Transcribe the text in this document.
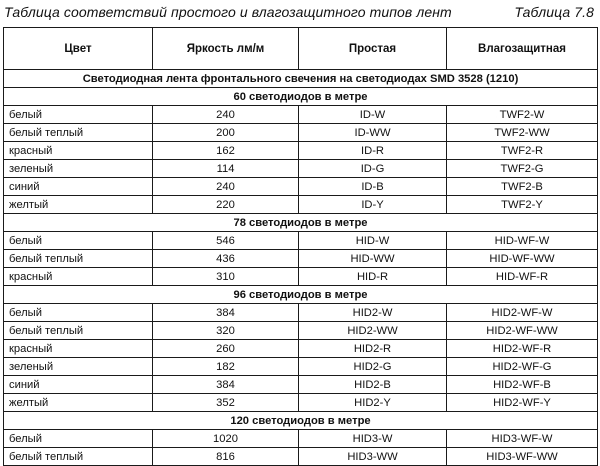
Таблица соответствий простого и влагозащитного типов лент	Таблица 7.8
Цвет	Яркость лм/м	Простая	Влагозащитная
Светодиодная лента фронтального свечения на светодиодах SMD 3528 (1210)			
60 светодиодов в метре			
белый	240	ID-W	TWF2-W
белый теплый	200	ID-WW	TWF2-WW
красный	162	ID-R	TWF2-R
зеленый	114	ID-G	TWF2-G
синий	240	ID-B	TWF2-B
желтый	220	ID-Y	TWF2-Y
78 светодиодов в метре			
белый	546	HID-W	HID-WF-W
белый теплый	436	HID-WW	HID-WF-WW
красный	310	HID-R	HID-WF-R
96 светодиодов в метре			
белый	384	HID2-W	HID2-WF-W
белый теплый	320	HID2-WW	HID2-WF-WW
красный	260	HID2-R	HID2-WF-R
зеленый	182	HID2-G	HID2-WF-G
синий	384	HID2-B	HID2-WF-B
желтый	352	HID2-Y	HID2-WF-Y
120 светодиодов в метре			
белый	1020	HID3-W	HID3-WF-W
белый теплый	816	HID3-WW	HID3-WF-WW
